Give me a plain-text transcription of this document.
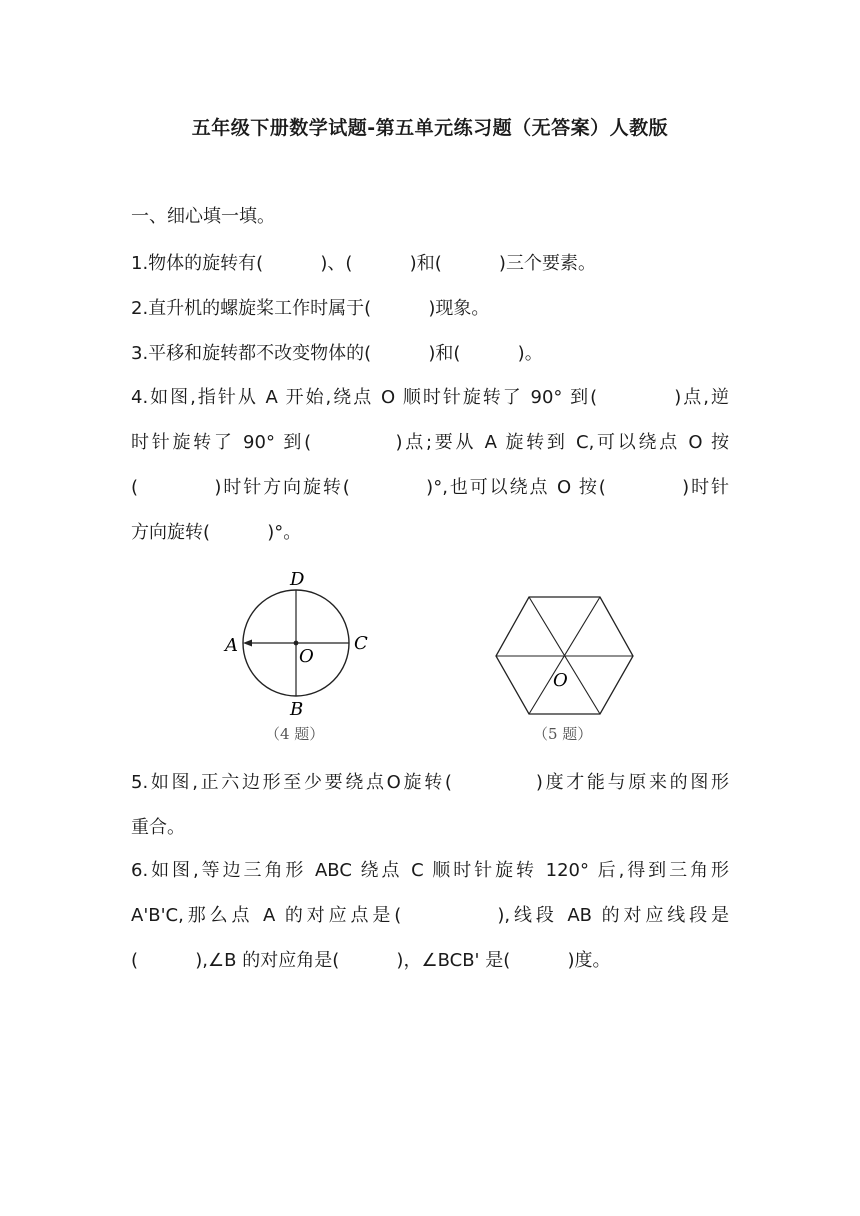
五年级下册数学试题-第五单元练习题（无答案）人教版
一、细心填一填。
1.物体的旋转有(          )、(          )和(          )三个要素。
2.直升机的螺旋桨工作时属于(          )现象。
3.平移和旋转都不改变物体的(          )和(          )。
4.如图,指针从 A 开始,绕点 O 顺时针旋转了 90° 到(          )点,逆
时针旋转了 90° 到(          )点;要从 A 旋转到 C,可以绕点 O 按
(          )时针方向旋转(          )°,也可以绕点 O 按(          )时针
方向旋转(          )°。
D
B
A	C
O
（4 题）
O
（5 题）
5.如图,正六边形至少要绕点O旋转(          )度才能与原来的图形
重合。
6.如图,等边三角形 ABC 绕点 C 顺时针旋转 120° 后,得到三角形
A'B'C,那么点 A 的对应点是(          ),线段 AB 的对应线段是
(          ),∠B 的对应角是(          )，∠BCB' 是(          )度。
